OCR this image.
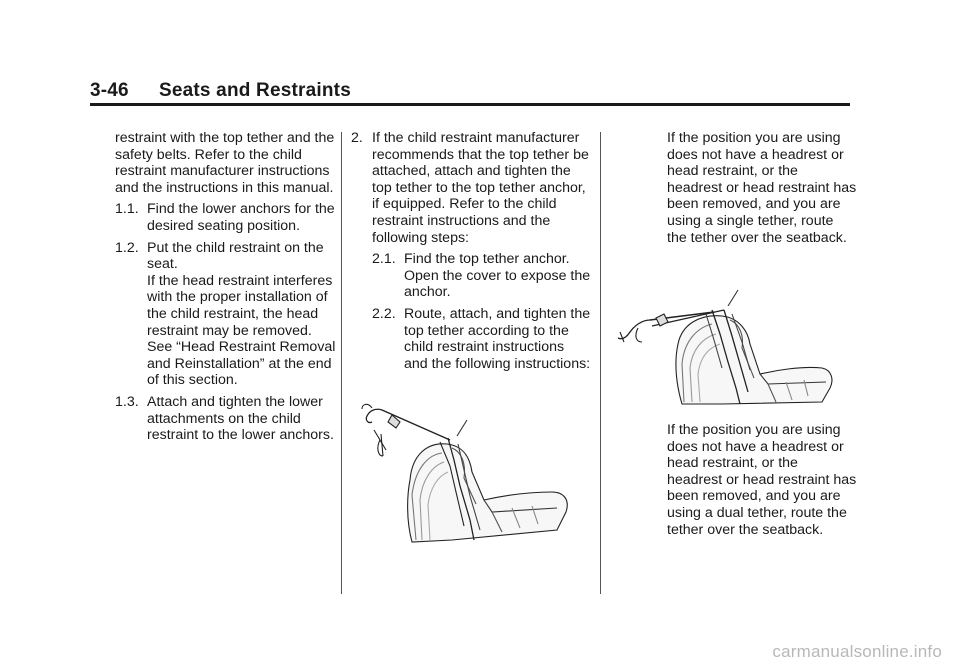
3-46 Seats and Restraints

restraint with the top tether and the safety belts. Refer to the child restraint manufacturer instructions and the instructions in this manual.

1.1. Find the lower anchors for the desired seating position.
1.2. Put the child restraint on the seat.

If the head restraint interferes with the proper installation of the child restraint, the head restraint may be removed. See “Head Restraint Removal and Reinstallation” at the end of this section.

1.3. Attach and tighten the lower attachments on the child restraint to the lower anchors.
2. If the child restraint manufacturer recommends that the top tether be attached, attach and tighten the top tether to the top tether anchor, if equipped. Refer to the child restraint instructions and the following steps:
2.1. Find the top tether anchor.

Open the cover to expose the anchor.

2.2. Route, attach, and tighten the top tether according to the child restraint instructions and the following instructions:

If the position you are using does not have a headrest or head restraint, or the headrest or head restraint has been removed, and you are using a single tether, route the tether over the seatback.

If the position you are using does not have a headrest or head restraint, or the headrest or head restraint has been removed, and you are using a dual tether, route the tether over the seatback.

carmanualsonline.info
